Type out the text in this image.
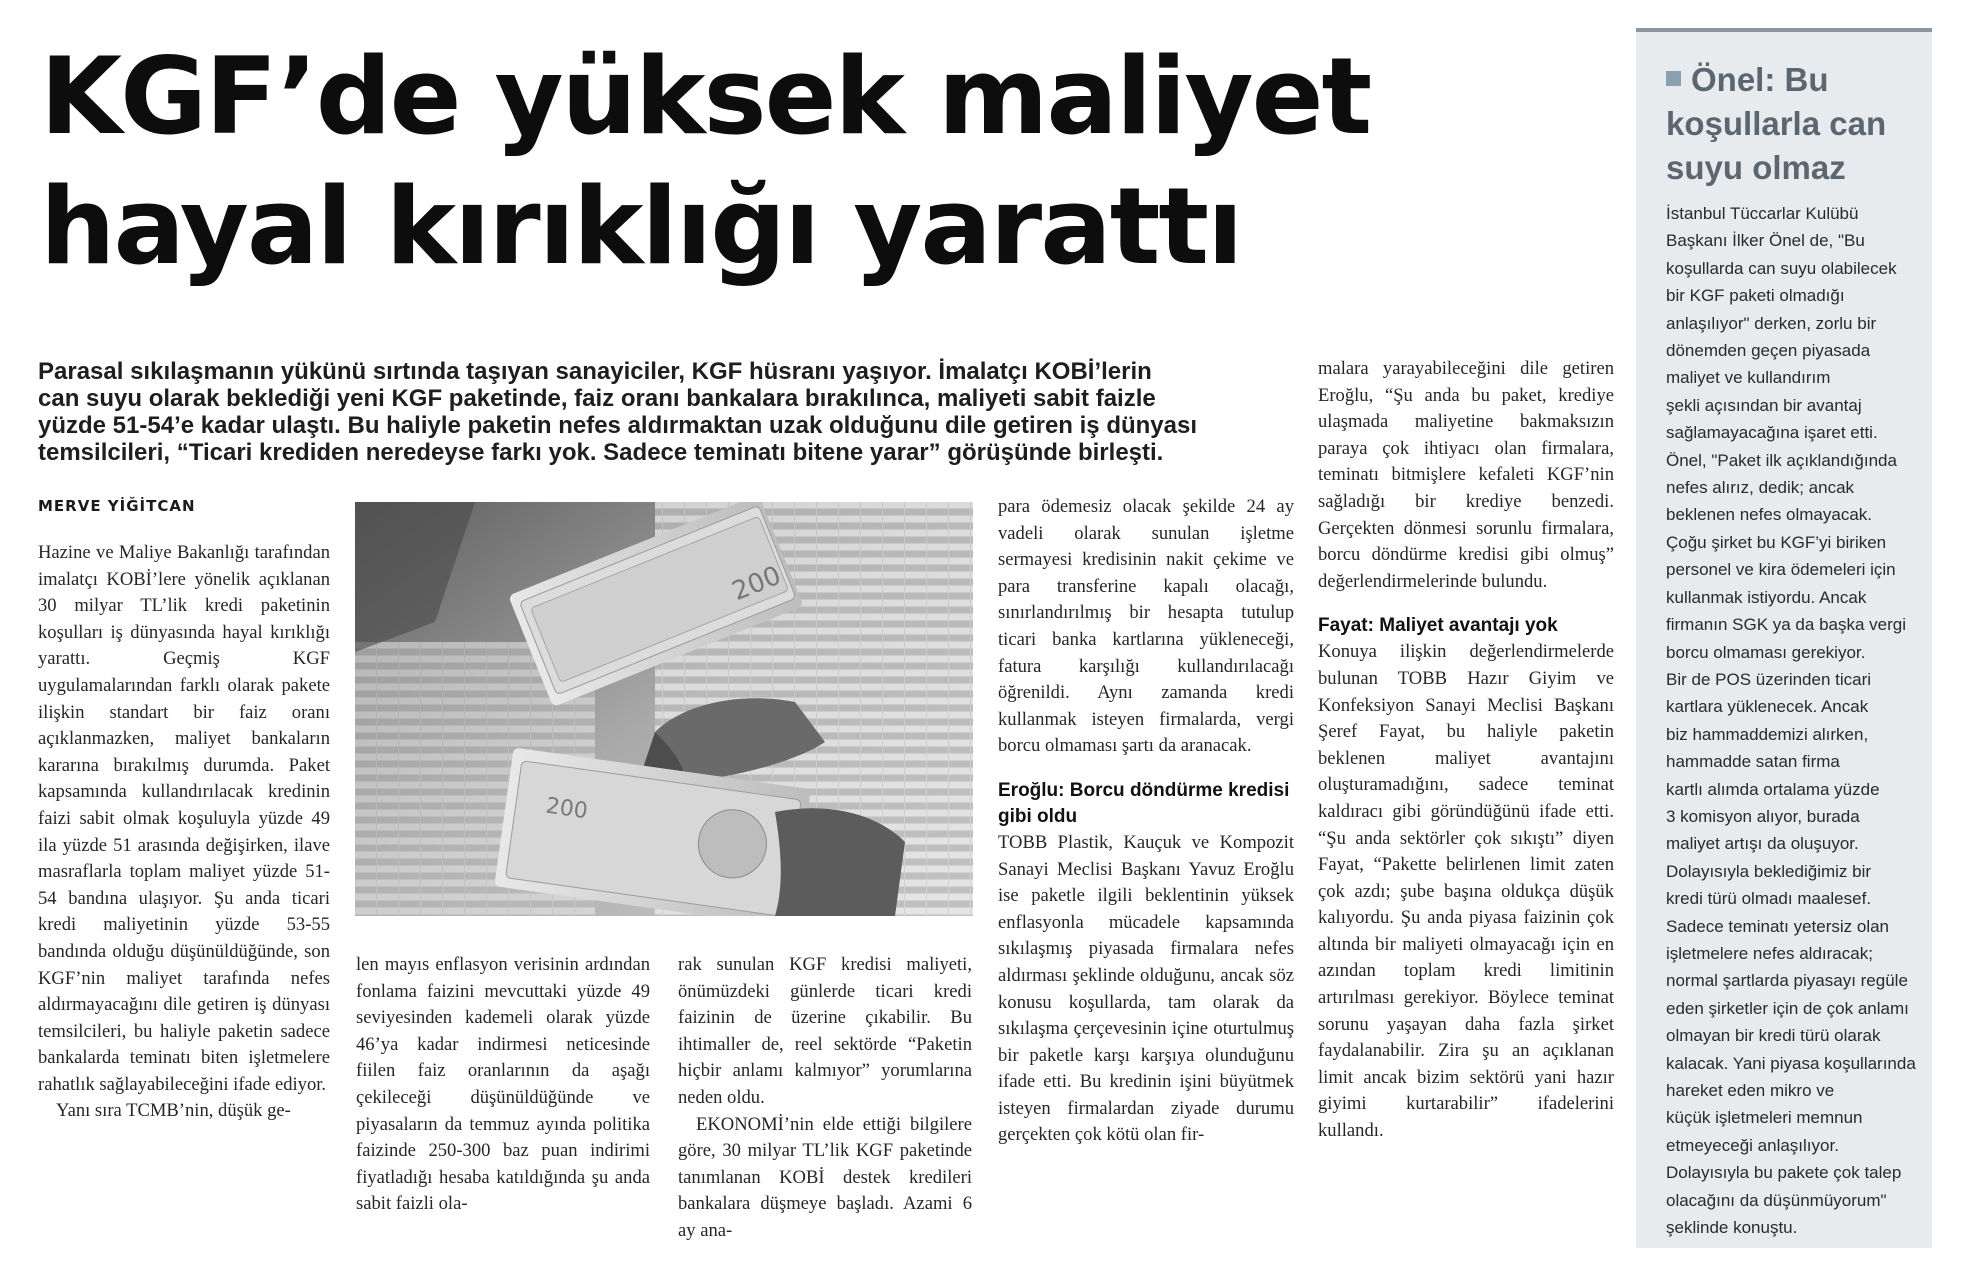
KGF’de yüksek maliyet
hayal kırıklığı yarattı
Parasal sıkılaşmanın yükünü sırtında taşıyan sanayiciler, KGF hüsranı yaşıyor. İmalatçı KOBİ’lerin
can suyu olarak beklediği yeni KGF paketinde, faiz oranı bankalara bırakılınca, maliyeti sabit faizle
yüzde 51-54’e kadar ulaştı. Bu haliyle paketin nefes aldırmaktan uzak olduğunu dile getiren iş dünyası
temsilcileri, “Ticari krediden neredeyse farkı yok. Sadece teminatı bitene yarar” görüşünde birleşti.
MERVE YİĞİTCAN

Hazine ve Maliye Bakanlığı tarafından imalatçı KOBİ’lere yönelik açıklanan 30 milyar TL’lik kredi paketinin koşulları iş dünyasında hayal kırıklığı yarattı. Geçmiş KGF uygulamalarından farklı olarak pakete ilişkin standart bir faiz oranı açıklanmazken, maliyet bankaların kararına bırakılmış durumda. Paket kapsamında kullandırılacak kredinin faizi sabit olmak koşuluyla yüzde 49 ila yüzde 51 arasında değişirken, ilave masraflarla toplam maliyet yüzde 51-54 bandına ulaşıyor. Şu anda ticari kredi maliyetinin yüzde 53-55 bandında olduğu düşünüldüğünde, son KGF’nin maliyet tarafında nefes aldırmayacağını dile getiren iş dünyası temsilcileri, bu haliyle paketin sadece bankalarda teminatı biten işletmelere rahatlık sağlayabileceğini ifade ediyor.

Yanı sıra TCMB’nin, düşük ge-

200
200

len mayıs enflasyon verisinin ardından fonlama faizini mevcuttaki yüzde 49 seviyesinden kademeli olarak yüzde 46’ya kadar indirmesi neticesinde fiilen faiz oranlarının da aşağı çekileceği düşünüldüğünde ve piyasaların da temmuz ayında politika faizinde 250-300 baz puan indirimi fiyatladığı hesaba katıldığında şu anda sabit faizli ola-

rak sunulan KGF kredisi maliyeti, önümüzdeki günlerde ticari kredi faizinin de üzerine çıkabilir. Bu ihtimaller de, reel sektörde “Paketin hiçbir anlamı kalmıyor” yorumlarına neden oldu.

EKONOMİ’nin elde ettiği bilgilere göre, 30 milyar TL’lik KGF paketinde tanımlanan KOBİ destek kredileri bankalara düşmeye başladı. Azami 6 ay ana-

para ödemesiz olacak şekilde 24 ay vadeli olarak sunulan işletme sermayesi kredisinin nakit çekime ve para transferine kapalı olacağı, sınırlandırılmış bir hesapta tutulup ticari banka kartlarına yükleneceği, fatura karşılığı kullandırılacağı öğrenildi. Aynı zamanda kredi kullanmak isteyen firmalarda, vergi borcu olmaması şartı da aranacak.

Eroğlu: Borcu döndürme kredisi gibi oldu

TOBB Plastik, Kauçuk ve Kompozit Sanayi Meclisi Başkanı Yavuz Eroğlu ise paketle ilgili beklentinin yüksek enflasyonla mücadele kapsamında sıkılaşmış piyasada firmalara nefes aldırması şeklinde olduğunu, ancak söz konusu koşullarda, tam olarak da sıkılaşma çerçevesinin içine oturtulmuş bir paketle karşı karşıya olunduğunu ifade etti. Bu kredinin işini büyütmek isteyen firmalardan ziyade durumu gerçekten çok kötü olan fir-

malara yarayabileceğini dile getiren Eroğlu, “Şu anda bu paket, krediye ulaşmada maliyetine bakmaksızın paraya çok ihtiyacı olan firmalara, teminatı bitmişlere kefaleti KGF’nin sağladığı bir krediye benzedi. Gerçekten dönmesi sorunlu firmalara, borcu döndürme kredisi gibi olmuş” değerlendirmelerinde bulundu.

Fayat: Maliyet avantajı yok

Konuya ilişkin değerlendirmelerde bulunan TOBB Hazır Giyim ve Konfeksiyon Sanayi Meclisi Başkanı Şeref Fayat, bu haliyle paketin beklenen maliyet avantajını oluşturamadığını, sadece teminat kaldıracı gibi göründüğünü ifade etti. “Şu anda sektörler çok sıkıştı” diyen Fayat, “Pakette belirlenen limit zaten çok azdı; şube başına oldukça düşük kalıyordu. Şu anda piyasa faizinin çok altında bir maliyeti olmayacağı için en azından toplam kredi limitinin artırılması gerekiyor. Böylece teminat sorunu yaşayan daha fazla şirket faydalanabilir. Zira şu an açıklanan limit ancak bizim sektörü yani hazır giyimi kurtarabilir” ifadelerini kullandı.

Önel: Bu koşullarla can suyu olmaz
İstanbul Tüccarlar Kulübü
Başkanı İlker Önel de, "Bu
koşullarda can suyu olabilecek
bir KGF paketi olmadığı
anlaşılıyor" derken, zorlu bir
dönemden geçen piyasada
maliyet ve kullandırım
şekli açısından bir avantaj
sağlamayacağına işaret etti.
Önel, "Paket ilk açıklandığında
nefes alırız, dedik; ancak
beklenen nefes olmayacak.
Çoğu şirket bu KGF’yi biriken
personel ve kira ödemeleri için
kullanmak istiyordu. Ancak
firmanın SGK ya da başka vergi
borcu olmaması gerekiyor.
Bir de POS üzerinden ticari
kartlara yüklenecek. Ancak
biz hammaddemizi alırken,
hammadde satan firma
kartlı alımda ortalama yüzde
3 komisyon alıyor, burada
maliyet artışı da oluşuyor.
Dolayısıyla beklediğimiz bir
kredi türü olmadı maalesef.
Sadece teminatı yetersiz olan
işletmelere nefes aldıracak;
normal şartlarda piyasayı regüle
eden şirketler için de çok anlamı
olmayan bir kredi türü olarak
kalacak. Yani piyasa koşullarında
hareket eden mikro ve
küçük işletmeleri memnun
etmeyeceği anlaşılıyor.
Dolayısıyla bu pakete çok talep
olacağını da düşünmüyorum"
şeklinde konuştu.
